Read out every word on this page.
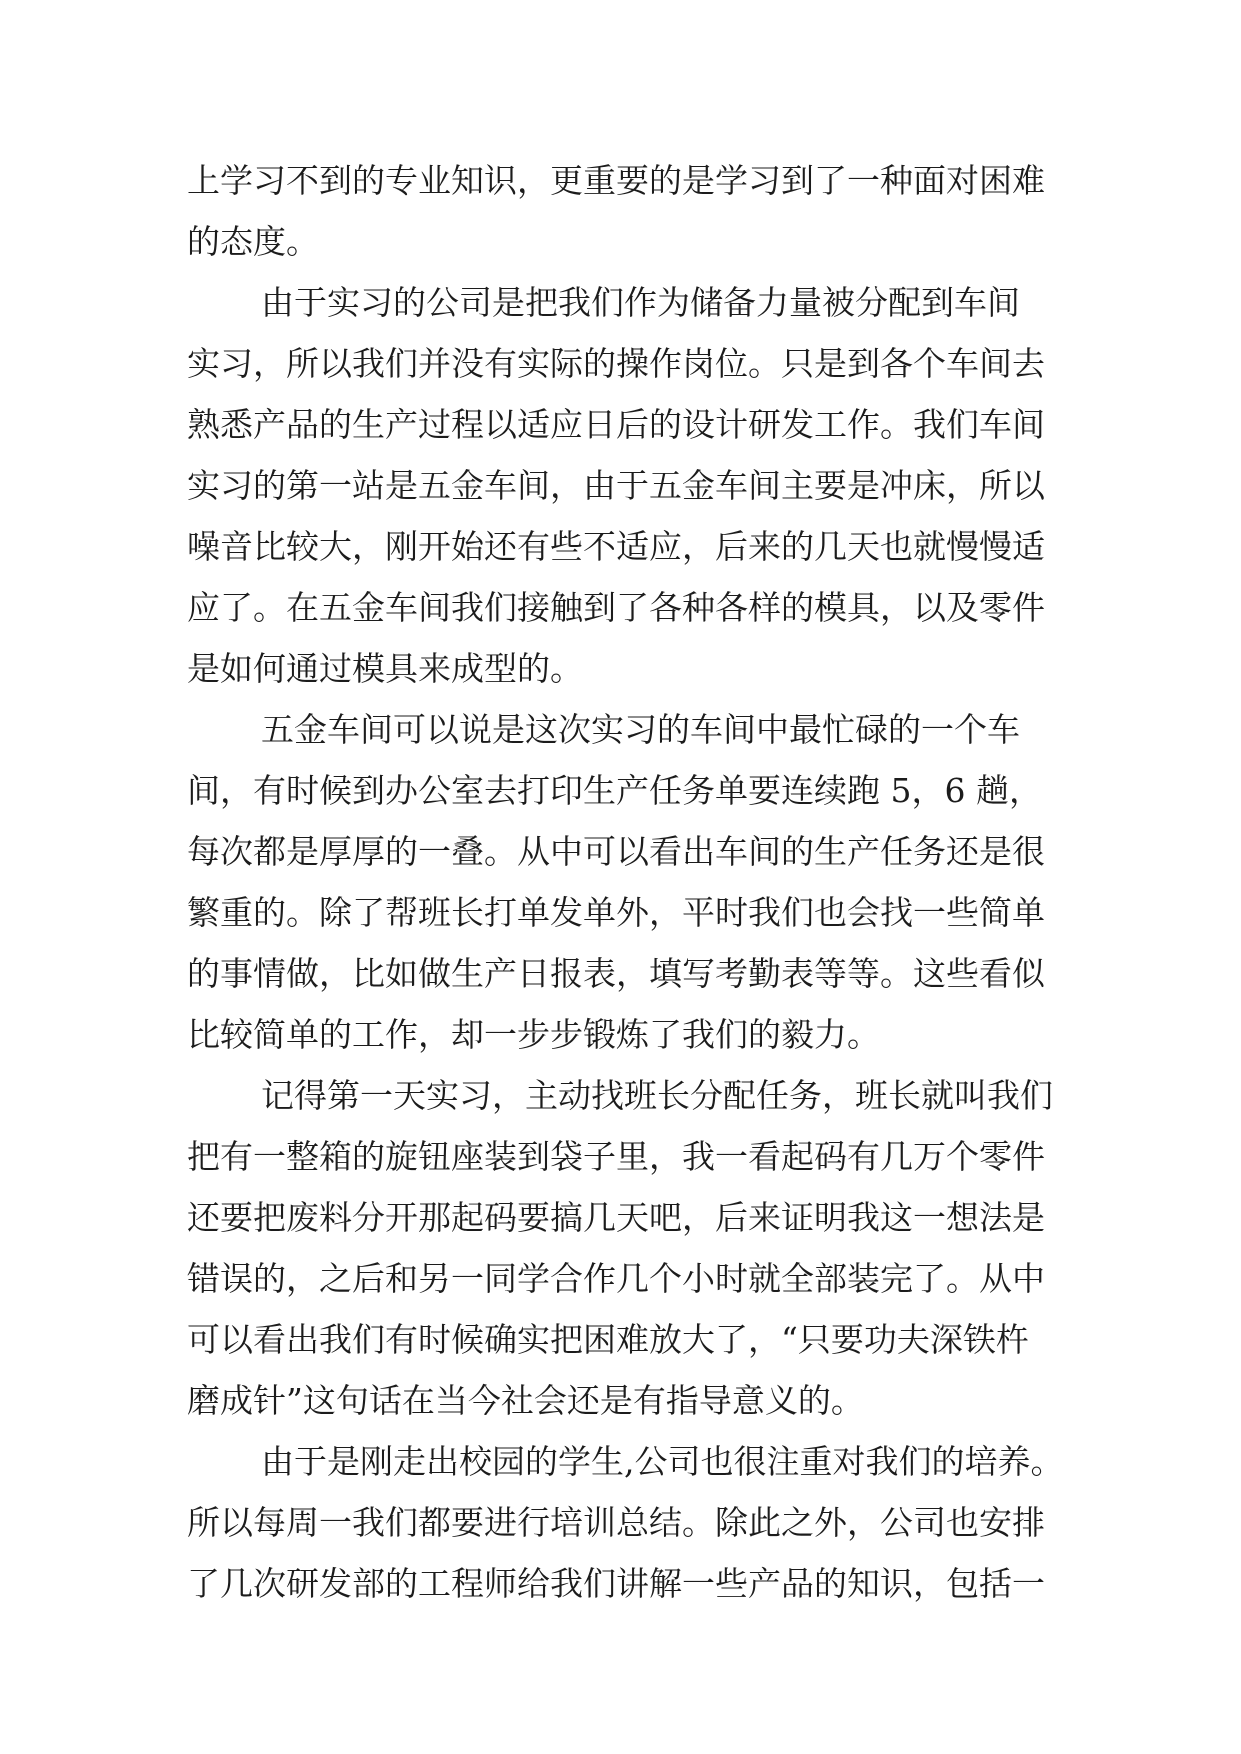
上学习不到的专业知识，更重要的是学习到了一种面对困难
的态度。
由于实习的公司是把我们作为储备力量被分配到车间
实习，所以我们并没有实际的操作岗位。只是到各个车间去
熟悉产品的生产过程以适应日后的设计研发工作。我们车间
实习的第一站是五金车间，由于五金车间主要是冲床，所以
噪音比较大，刚开始还有些不适应，后来的几天也就慢慢适
应了。在五金车间我们接触到了各种各样的模具，以及零件
是如何通过模具来成型的。
五金车间可以说是这次实习的车间中最忙碌的一个车
间，有时候到办公室去打印生产任务单要连续跑 5，6 趟，
每次都是厚厚的一叠。从中可以看出车间的生产任务还是很
繁重的。除了帮班长打单发单外，平时我们也会找一些简单
的事情做，比如做生产日报表，填写考勤表等等。这些看似
比较简单的工作，却一步步锻炼了我们的毅力。
记得第一天实习，主动找班长分配任务，班长就叫我们
把有一整箱的旋钮座装到袋子里，我一看起码有几万个零件
还要把废料分开那起码要搞几天吧，后来证明我这一想法是
错误的，之后和另一同学合作几个小时就全部装完了。从中
可以看出我们有时候确实把困难放大了，“只要功夫深铁杵
磨成针”这句话在当今社会还是有指导意义的。
由于是刚走出校园的学生,公司也很注重对我们的培养。
所以每周一我们都要进行培训总结。除此之外，公司也安排
了几次研发部的工程师给我们讲解一些产品的知识，包括一
